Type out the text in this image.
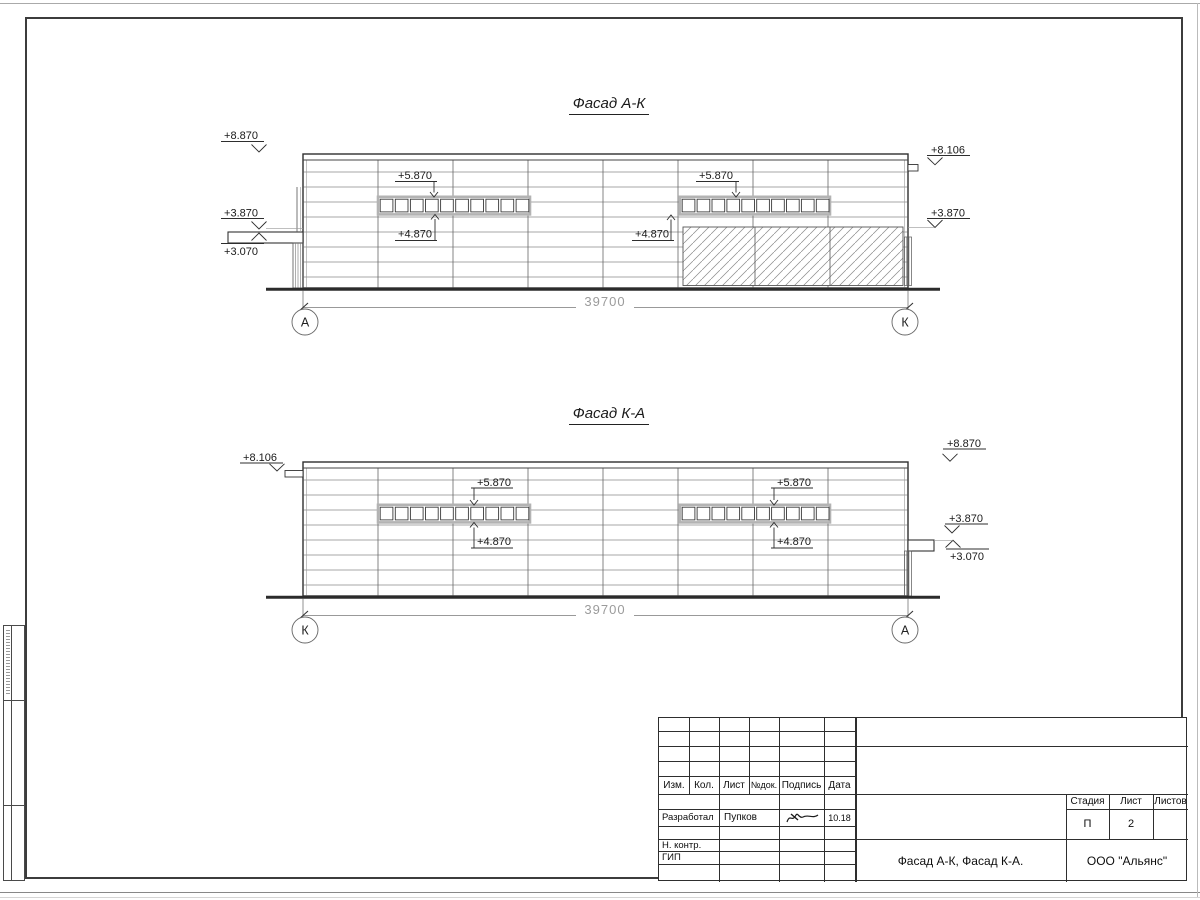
Фасад А-К
39700
А	К
+8.870
+3.870
+3.070
+8.106
+3.870
+5.870
+4.870
+5.870
+4.870
Фасад К-А
39700
К	А
+8.106
+8.870
+3.870
+3.070
+5.870
+4.870
+5.870
+4.870
Изм. Кол. Лист №док. Подпись Дата
Разработал	Пупков	10.18
Н. контр.
ГИП
Стадия	Лист	Листов
П	2
Фасад А-К, Фасад К-А.	ООО "Альянс"
